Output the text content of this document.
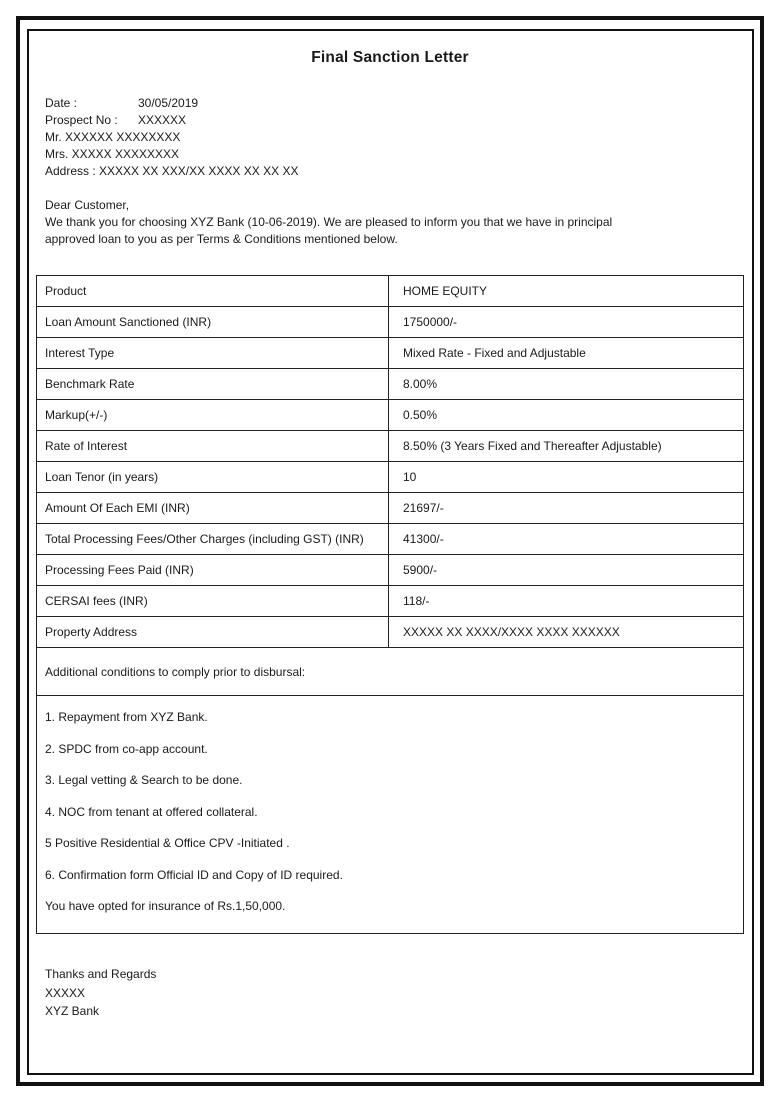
Final Sanction Letter
Date :	30/05/2019
Prospect No :	XXXXXX
Mr. XXXXXX XXXXXXXX
Mrs. XXXXX XXXXXXXX
Address : XXXXX XX XXX/XX XXXX XX XX XX
Dear Customer,
We thank you for choosing XYZ Bank (10-06-2019). We are pleased to inform you that we have in principal
approved loan to you as per Terms & Conditions mentioned below.
Product	HOME EQUITY
Loan Amount Sanctioned (INR)	1750000/-
Interest Type	Mixed Rate - Fixed and Adjustable
Benchmark Rate	8.00%
Markup(+/-)	0.50%
Rate of Interest	8.50% (3 Years Fixed and Thereafter Adjustable)
Loan Tenor (in years)	10
Amount Of Each EMI (INR)	21697/-
Total Processing Fees/Other Charges (including GST) (INR)	41300/-
Processing Fees Paid (INR)	5900/-
CERSAI fees (INR)	118/-
Property Address	XXXXX XX XXXX/XXXX XXXX XXXXXX
Additional conditions to comply prior to disbursal:	

1. Repayment from XYZ Bank.
2. SPDC from co-app account.
3. Legal vetting & Search to be done.
4. NOC from tenant at offered collateral.
5 Positive Residential & Office CPV -Initiated .
6. Confirmation form Official ID and Copy of ID required.
You have opted for insurance of Rs.1,50,000.
Thanks and Regards
XXXXX
XYZ Bank
